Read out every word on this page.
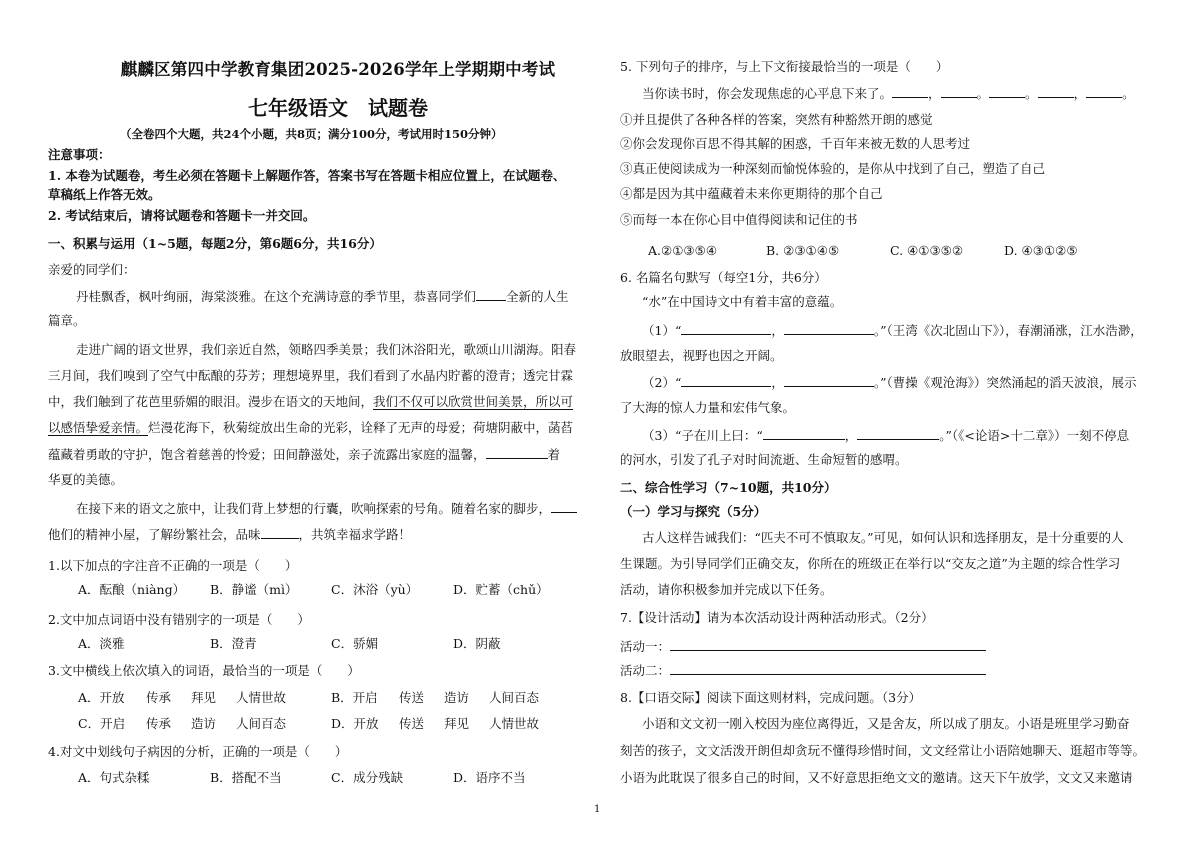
麒麟区第四中学教育集团2025-2026学年上学期期中考试
七年级语文　试题卷
（全卷四个大题，共24个小题，共8页；满分100分，考试用时150分钟）
注意事项：
1. 本卷为试题卷，考生必须在答题卡上解题作答，答案书写在答题卡相应位置上，在试题卷、
草稿纸上作答无效。
2. 考试结束后，请将试题卷和答题卡一并交回。
一、积累与运用（1~5题，每题2分，第6题6分，共16分）
亲爱的同学们：
丹桂飘香，枫叶绚丽，海棠淡雅。在这个充满诗意的季节里，恭喜同学们 全新的人生
篇章。
走进广阔的语文世界，我们亲近自然，领略四季美景；我们沐浴阳光，歌颂山川湖海。阳春
三月间，我们嗅到了空气中酝酿的芬芳；理想境界里，我们看到了水晶内貯蓄的澄青；透完甘霖
中，我们触到了花芭里骄媚的眼泪。漫步在语文的天地间，我们不仅可以欣赏世间美景，所以可
以感悟挚爱亲情。烂漫花海下，秋菊绽放出生命的光彩，诠释了无声的母爱；荷塘阴蔽中，菡萏
蕴藏着勇敢的守护，饱含着慈善的怜爱；田间静滋处，亲子流露出家庭的温馨，	着
华夏的美德。
在接下来的语文之旅中，让我们背上梦想的行囊，吹响探索的号角。随着名家的脚步，
他们的精神小屋，了解纷繁社会，品味	，共筑幸福求学路！
1.以下加点的字注音不正确的一项是（　　）
A．酝酿（niàng） B．静谧（mì）	C．沐浴（yù）	D．贮蓄（chǔ）
2.文中加点词语中没有错别字的一项是（　　）
A．淡雅	B．澄青	C．骄媚	D．阴蔽
3.文中横线上依次填入的词语，最恰当的一项是（　　）
A．开放 传承 拜见 人情世故	B．开启 传送 造访 人间百态
C．开启 传承 造访 人间百态	D．开放 传送 拜见 人情世故
4.对文中划线句子病因的分析，正确的一项是（　　）
A．句式杂糅	B．搭配不当	C．成分残缺	D．语序不当
5. 下列句子的排序，与上下文衔接最恰当的一项是（　　）
当你读书时，你会发现焦虑的心平息下来了。	，	。	。	，	。
①并且提供了各种各样的答案，突然有种豁然开朗的感觉
②你会发现你百思不得其解的困惑，千百年来被无数的人思考过
③真正使阅读成为一种深刻而愉悦体验的，是你从中找到了自己，塑造了自己
④都是因为其中蕴藏着未来你更期待的那个自己
⑤而每一本在你心目中值得阅读和记住的书
A.②①③⑤④	B. ②③①④⑤	C. ④①③⑤②	D. ④③①②⑤
6. 名篇名句默写（每空1分，共6分）
“水”在中国诗文中有着丰富的意蕴。
（1）“	，	。”（王湾《次北固山下》），春潮涌涨，江水浩渺，
放眼望去，视野也因之开阔。
（2）“	，	。”（曹操《观沧海》）突然涌起的滔天波浪，展示
了大海的惊人力量和宏伟气象。
（3）“子在川上曰：“	，	。”（《<论语>十二章》）一刻不停息
的河水，引发了孔子对时间流逝、生命短暂的感喟。
二、综合性学习（7~10题，共10分）
（一）学习与探究（5分）
古人这样告诫我们：“匹夫不可不慎取友。”可见，如何认识和选择朋友，是十分重要的人
生课题。为引导同学们正确交友，你所在的班级正在举行以“交友之道”为主题的综合性学习
活动，请你积极参加并完成以下任务。
7.【设计活动】请为本次活动设计两种活动形式。（2分）
活动一：
活动二：
8.【口语交际】阅读下面这则材料，完成问题。（3分）
小语和文文初一刚入校因为座位离得近，又是舍友，所以成了朋友。小语是班里学习勤奋
刻苦的孩子，文文活泼开朗但却贪玩不懂得珍惜时间，文文经常让小语陪她聊天、逛超市等等。
小语为此耽误了很多自己的时间，又不好意思拒绝文文的邀请。这天下午放学，文文又来邀请
1
